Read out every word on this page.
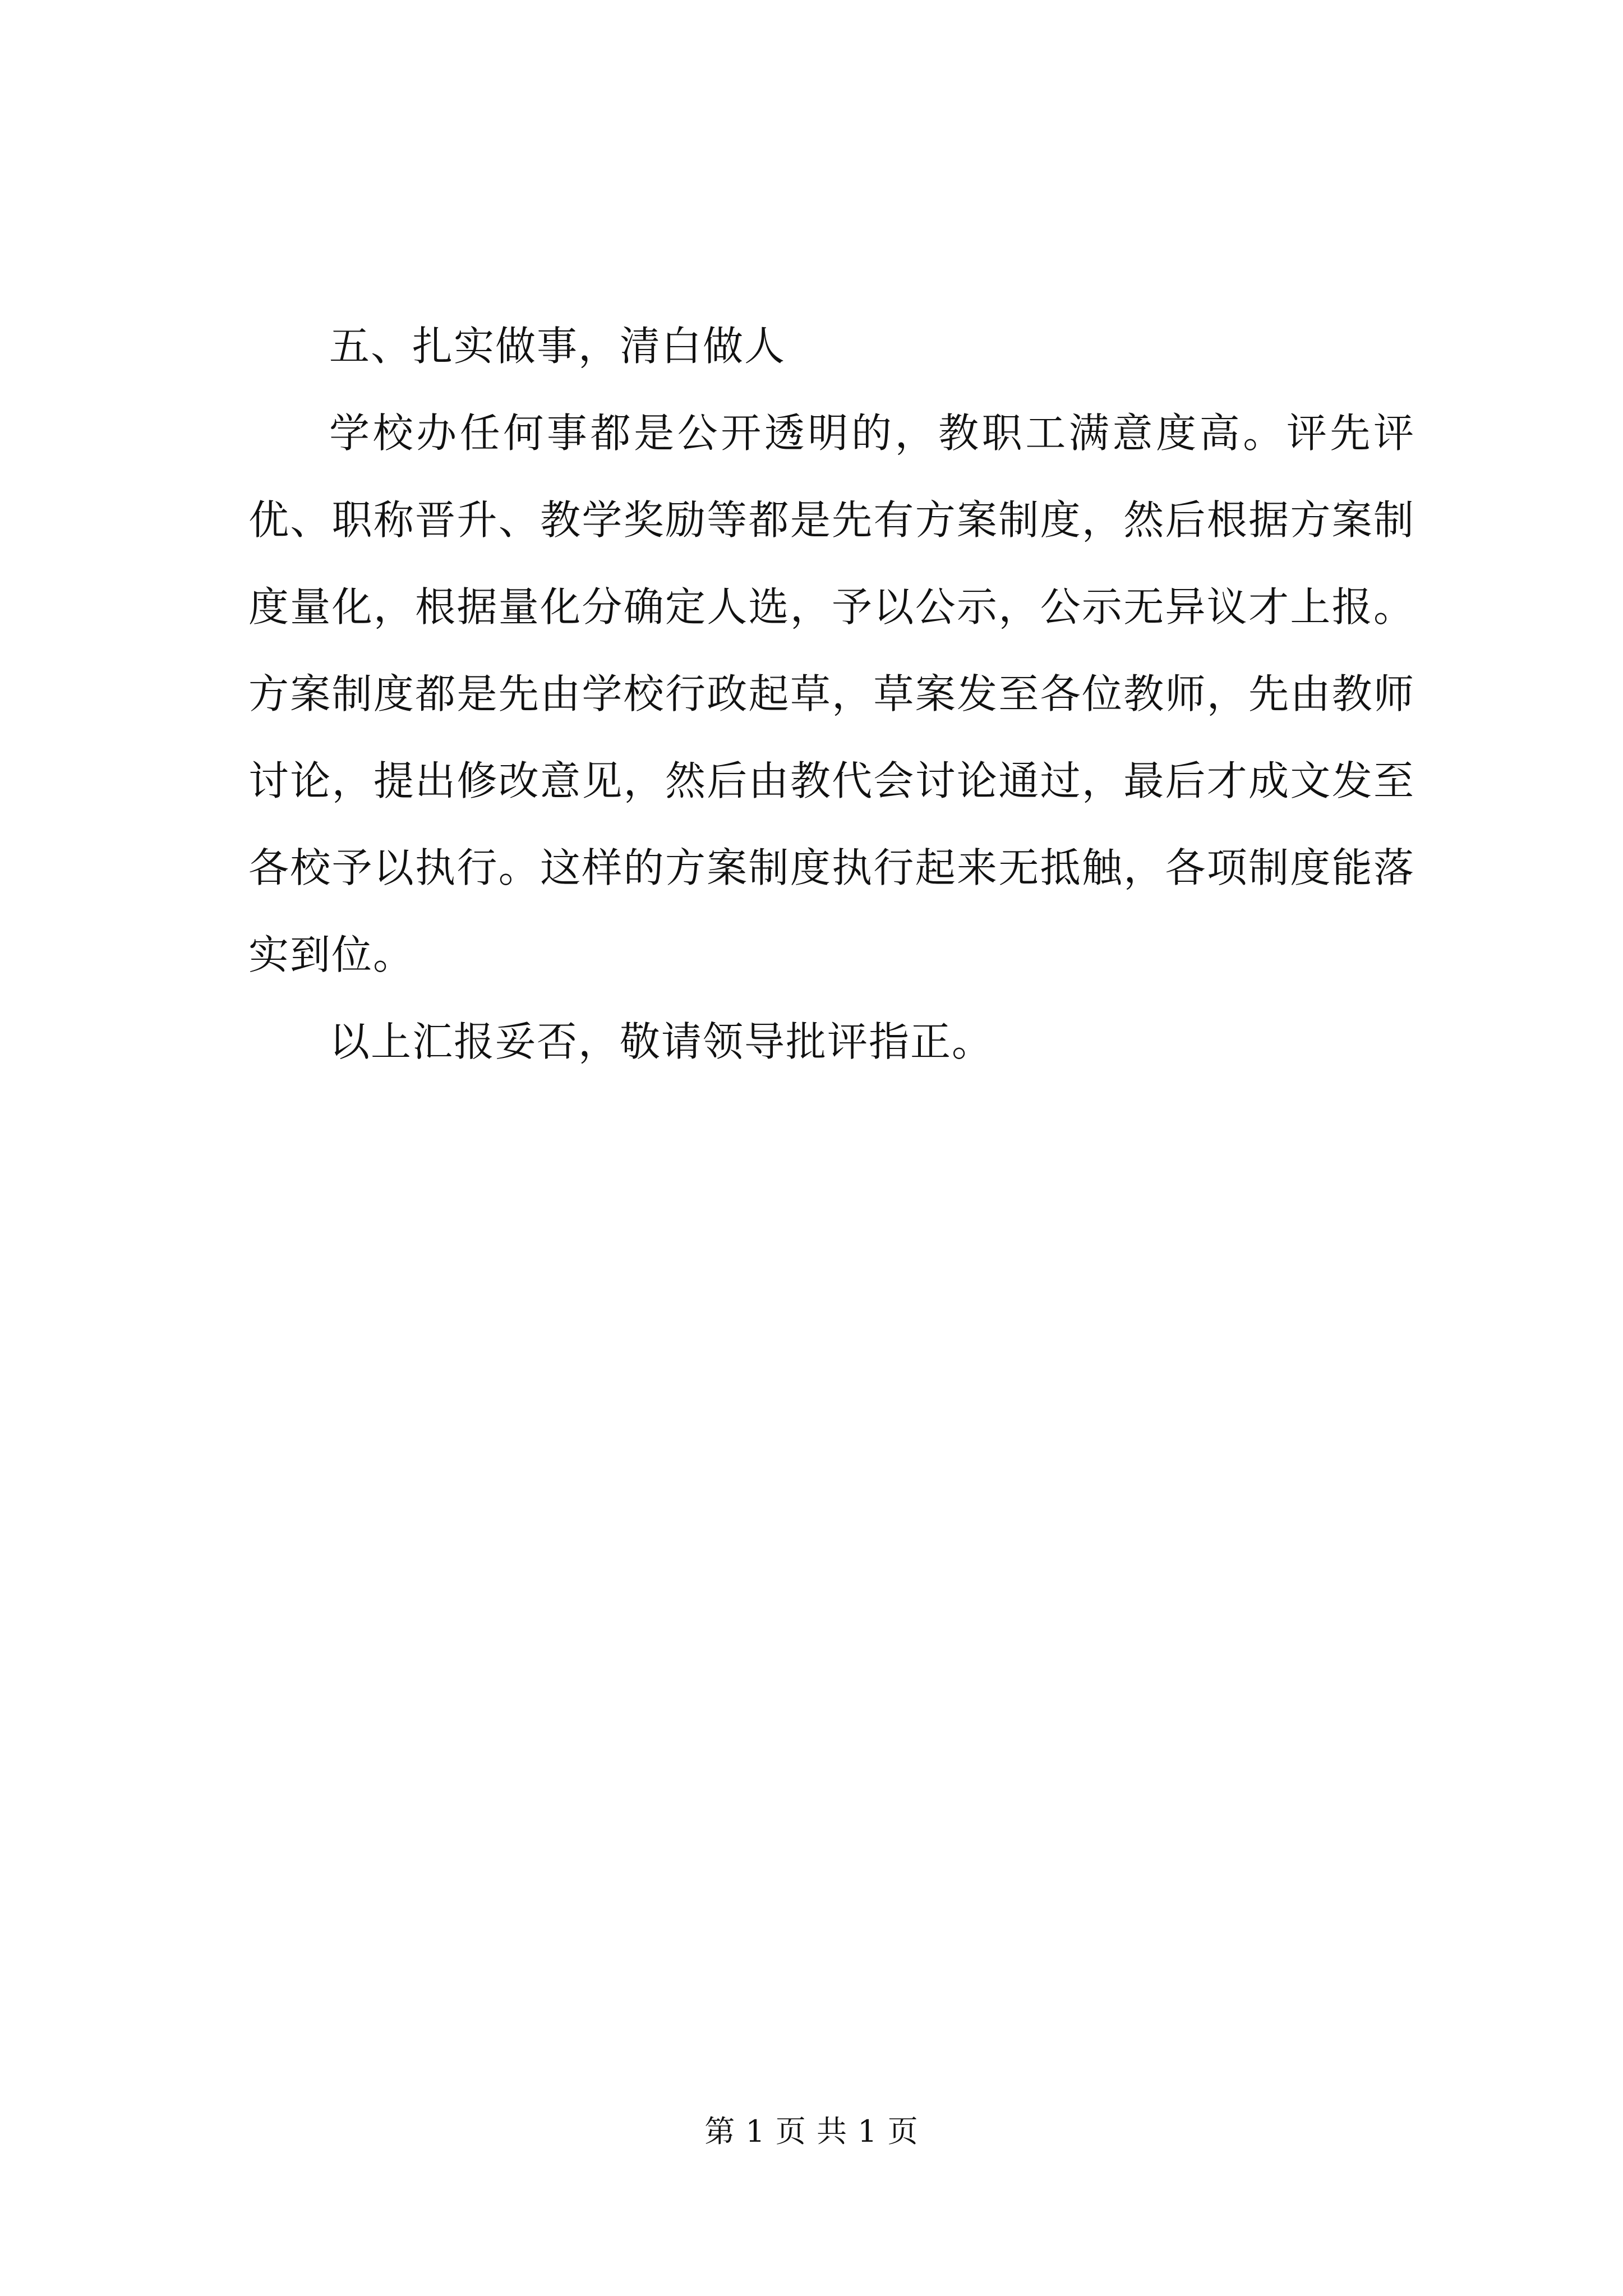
五、扎实做事，清白做人

学校办任何事都是公开透明的，教职工满意度高。评先评优、职称晋升、教学奖励等都是先有方案制度，然后根据方案制度量化，根据量化分确定人选，予以公示，公示无异议才上报。方案制度都是先由学校行政起草，草案发至各位教师，先由教师讨论，提出修改意见，然后由教代会讨论通过，最后才成文发至各校予以执行。这样的方案制度执行起来无抵触，各项制度能落实到位。

以上汇报妥否，敬请领导批评指正。

第 1 页 共 1 页
